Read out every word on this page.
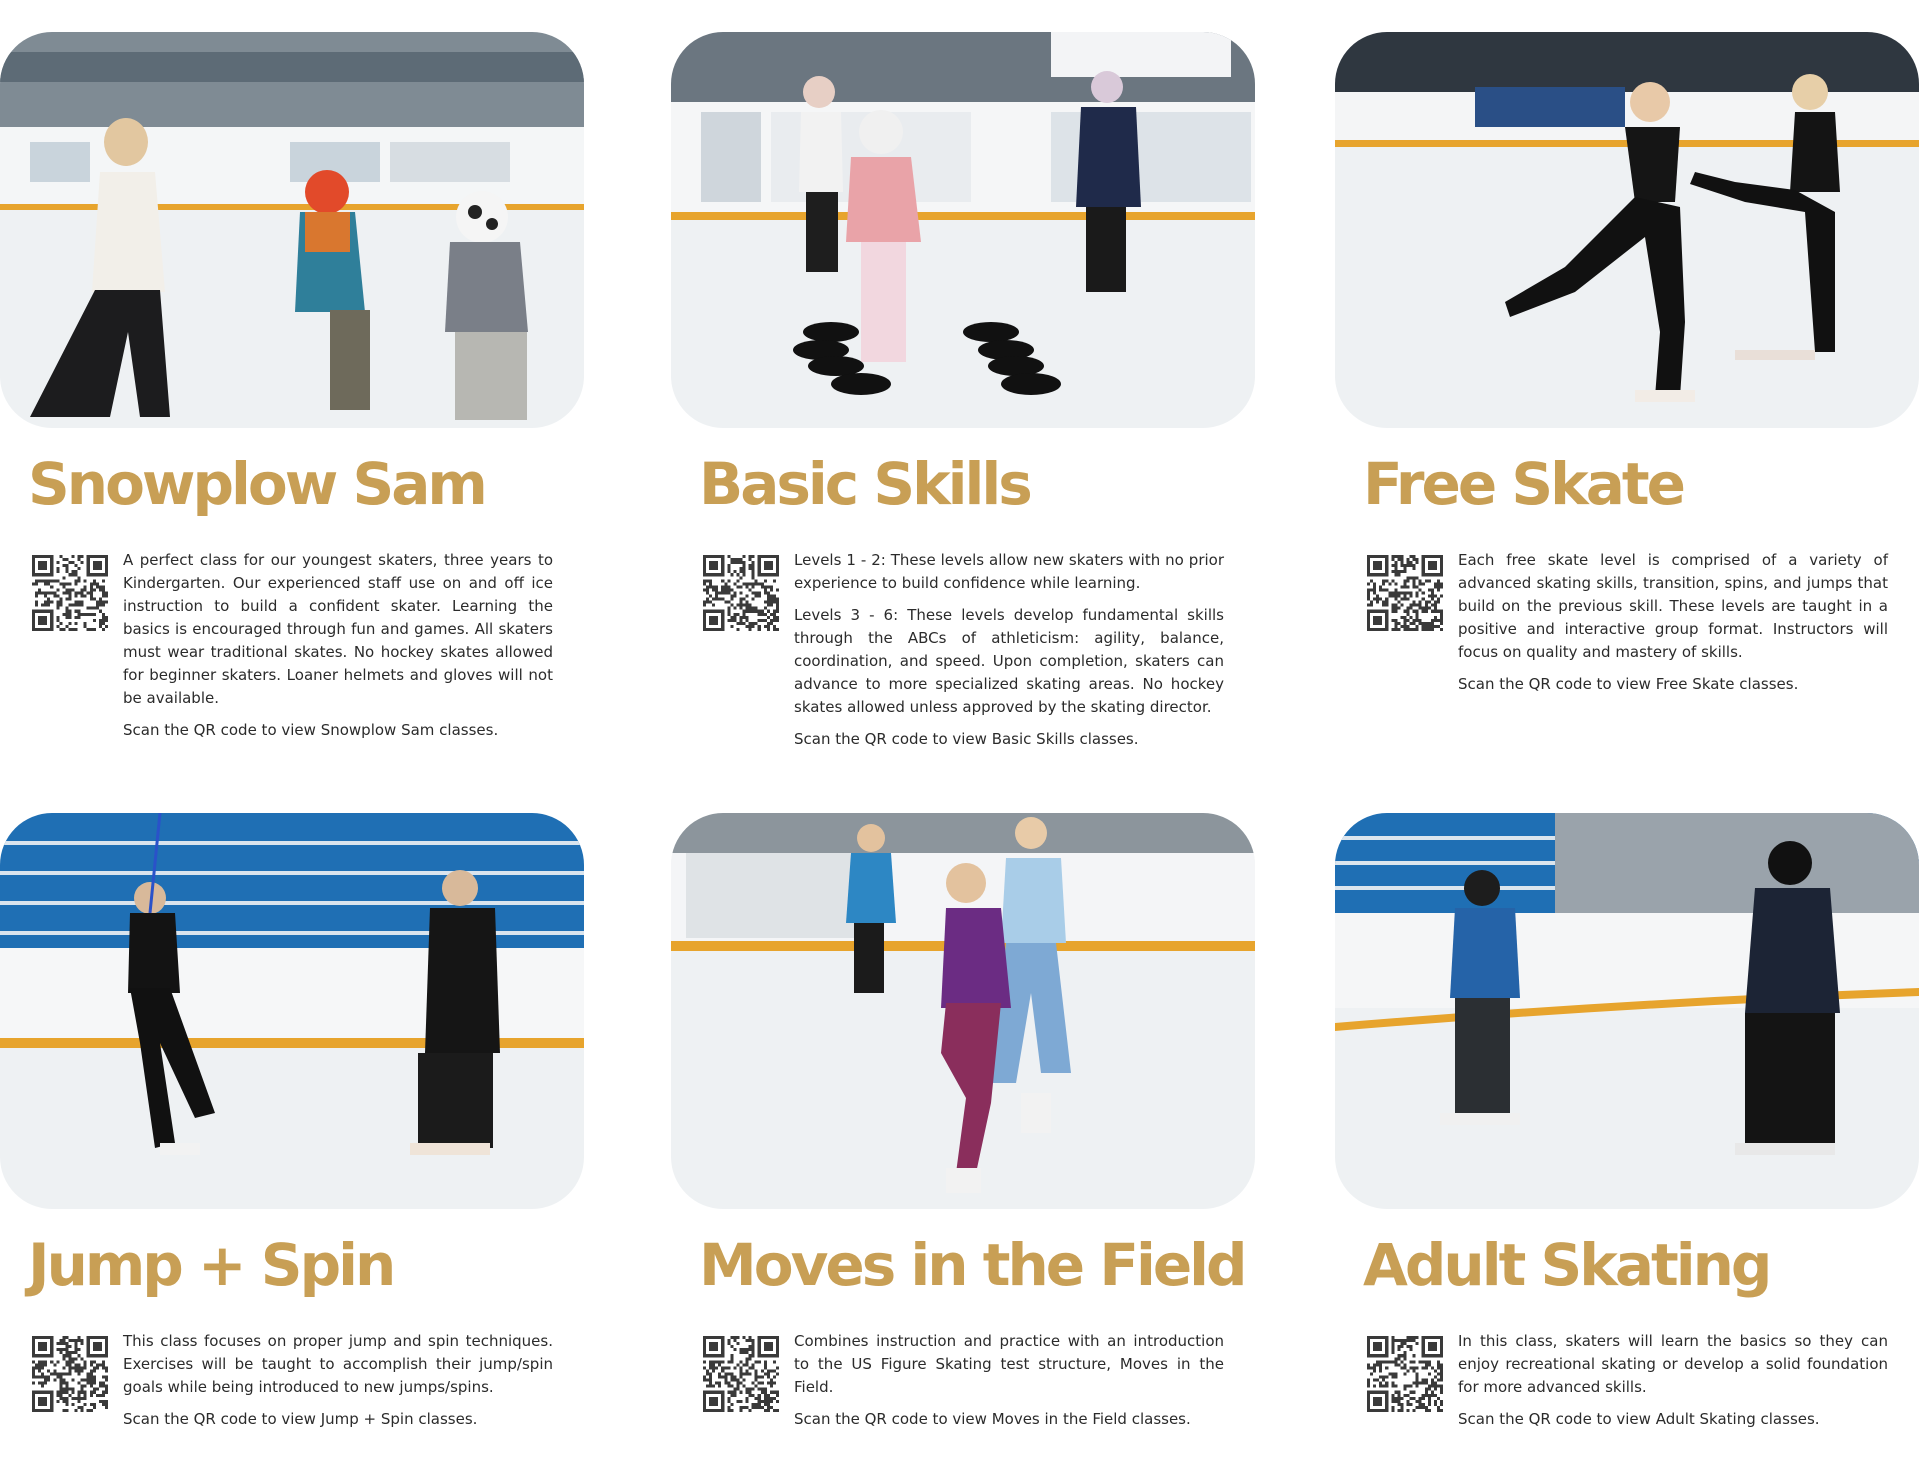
Snowplow Sam

A perfect class for our youngest skaters, three years to Kindergarten. Our experienced staff use on and off ice instruction to build a confident skater. Learning the basics is encouraged through fun and games. All skaters must wear traditional skates. No hockey skates allowed for beginner skaters. Loaner helmets and gloves will not be available.

Scan the QR code to view Snowplow Sam classes.

Basic Skills

Levels 1 - 2: These levels allow new skaters with no prior experience to build confidence while learning.

Levels 3 - 6: These levels develop fundamental skills through the ABCs of athleticism: agility, balance, coordination, and speed. Upon completion, skaters can advance to more specialized skating areas. No hockey skates allowed unless approved by the skating director.

Scan the QR code to view Basic Skills classes.

Free Skate

Each free skate level is comprised of a variety of advanced skating skills, transition, spins, and jumps that build on the previous skill. These levels are taught in a positive and interactive group format. Instructors will focus on quality and mastery of skills.

Scan the QR code to view Free Skate classes.

Jump + Spin

This class focuses on proper jump and spin techniques. Exercises will be taught to accomplish their jump/spin goals while being introduced to new jumps/spins.

Scan the QR code to view Jump + Spin classes.

Moves in the Field

Combines instruction and practice with an introduction to the US Figure Skating test structure, Moves in the Field.

Scan the QR code to view Moves in the Field classes.

Adult Skating

In this class, skaters will learn the basics so they can enjoy recreational skating or develop a solid foundation for more advanced skills.

Scan the QR code to view Adult Skating classes.
